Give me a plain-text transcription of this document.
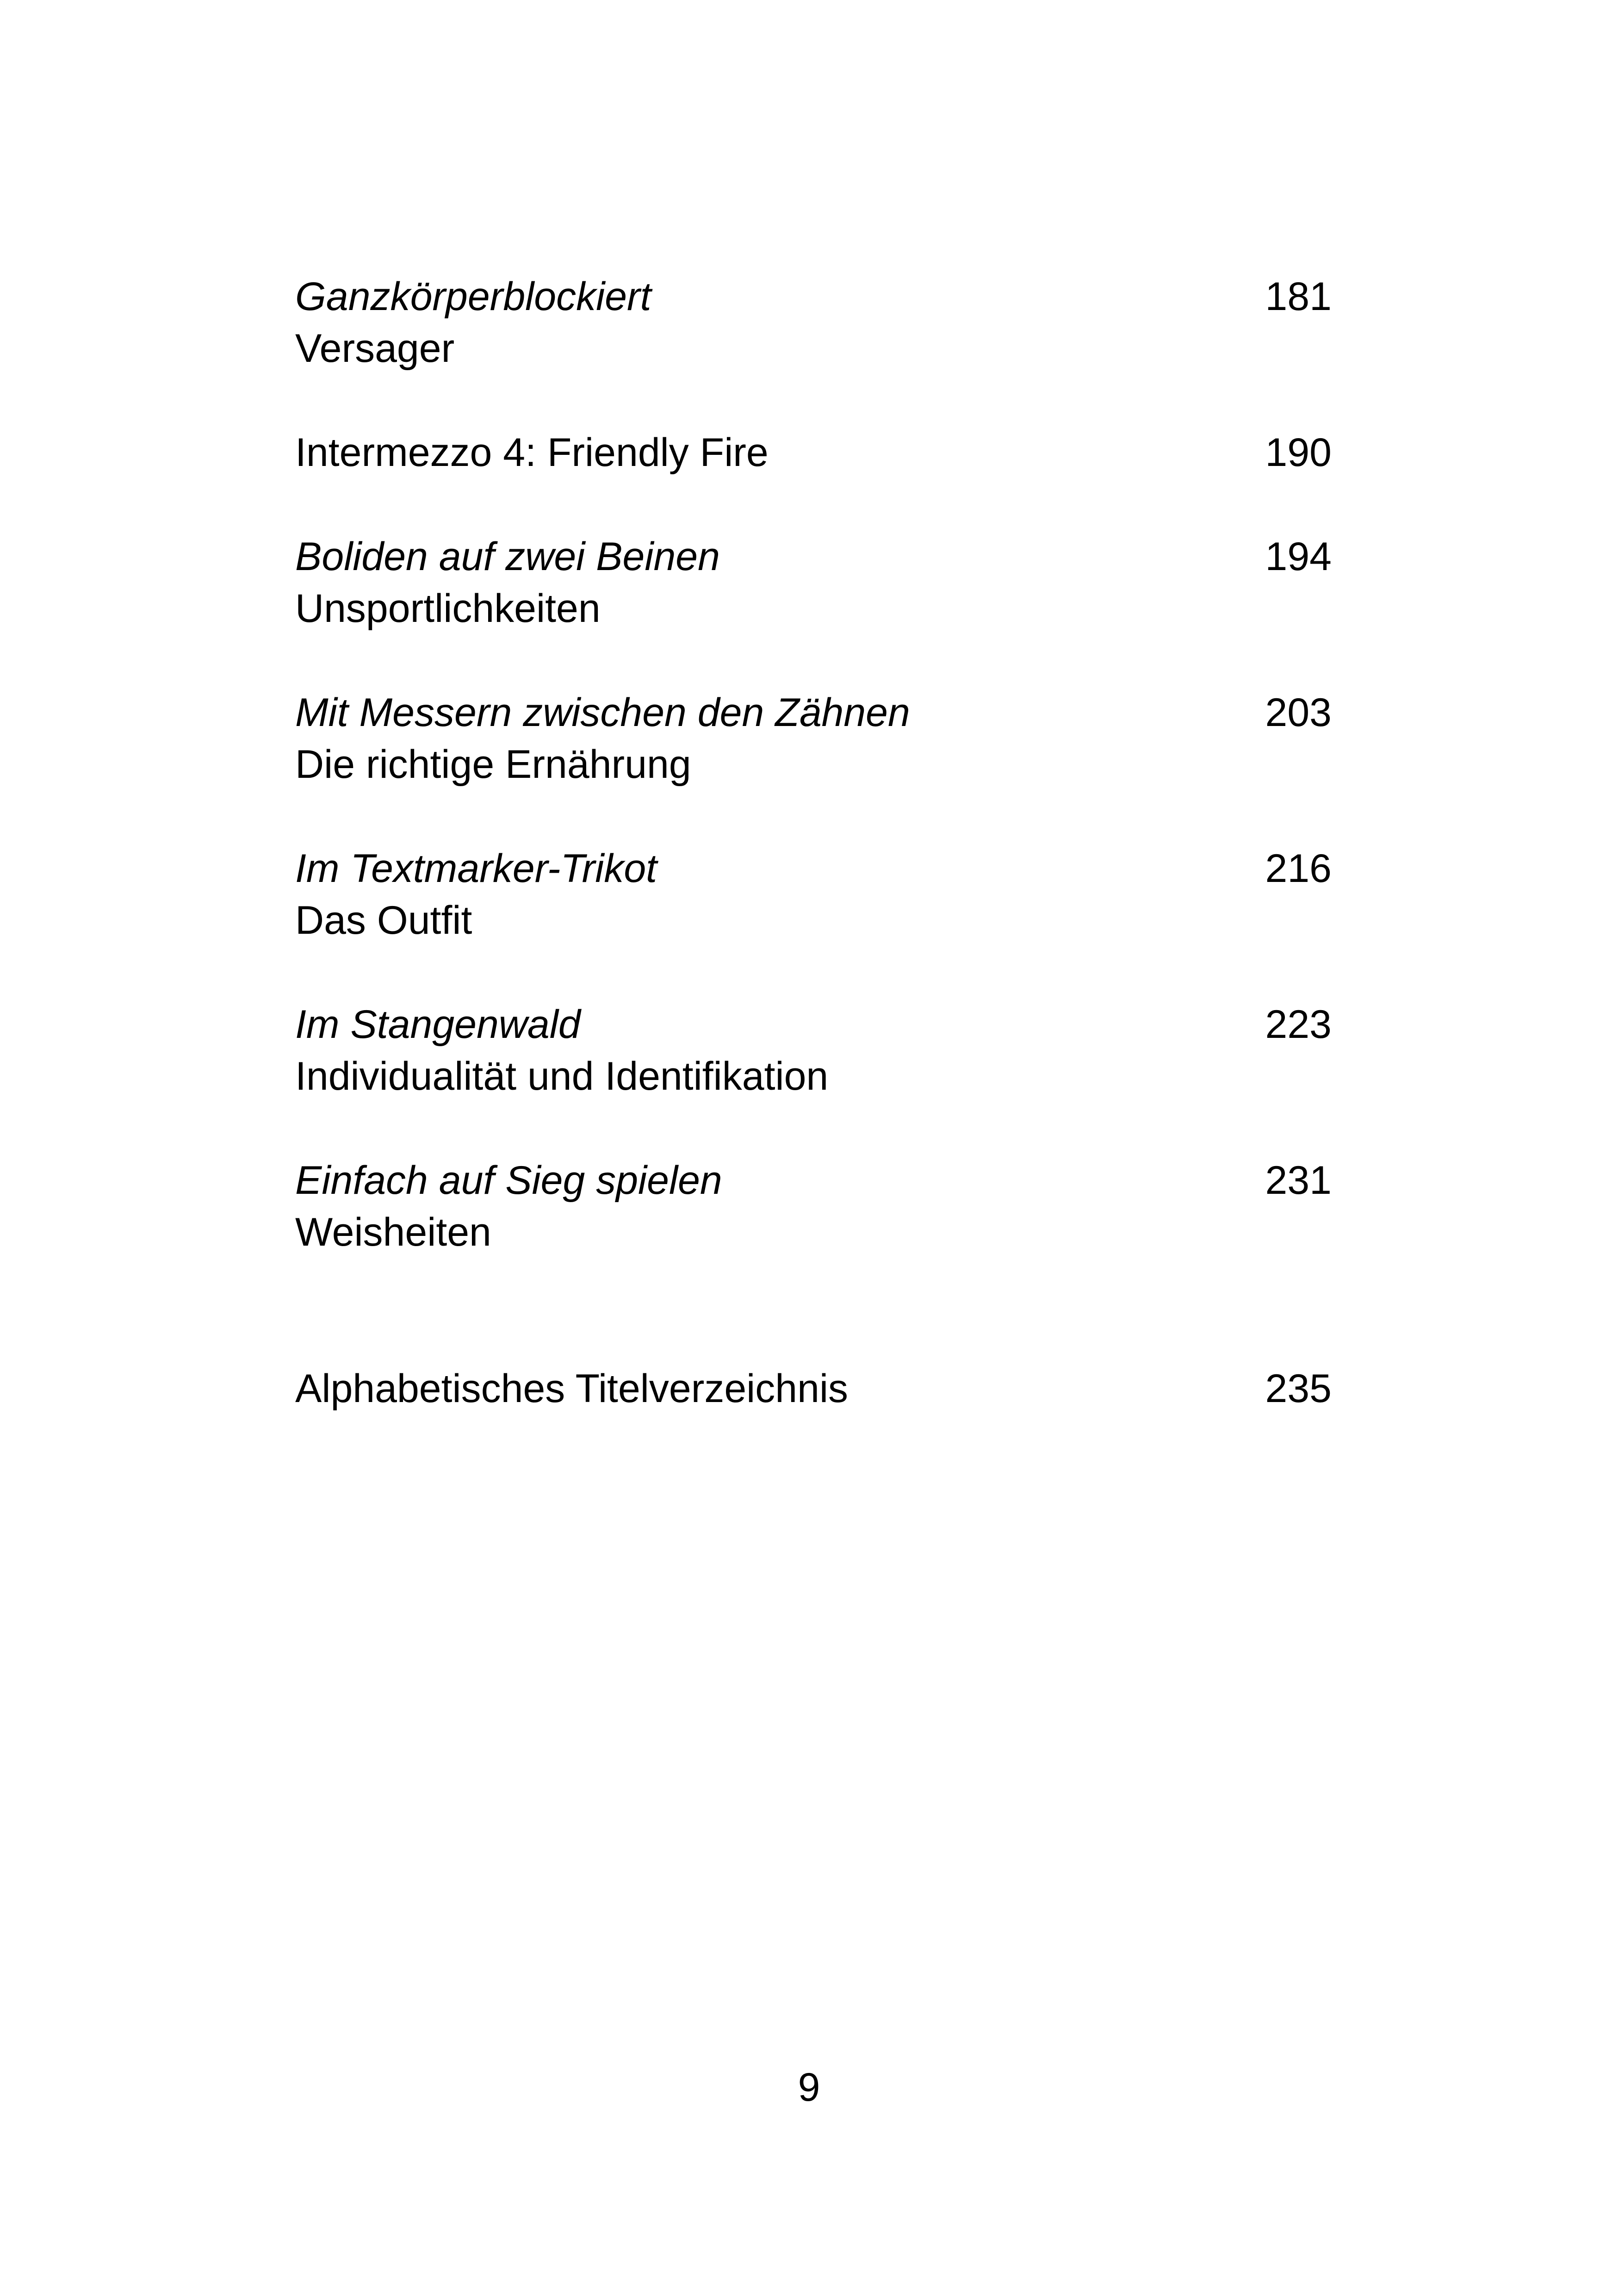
Ganzkörperblockiert	181
Versager
Intermezzo 4: Friendly Fire	190
Boliden auf zwei Beinen	194
Unsportlichkeiten
Mit Messern zwischen den Zähnen	203
Die richtige Ernährung
Im Textmarker-Trikot	216
Das Outfit
Im Stangenwald	223
Individualität und Identifikation
Einfach auf Sieg spielen	231
Weisheiten
Alphabetisches Titelverzeichnis	235
9
